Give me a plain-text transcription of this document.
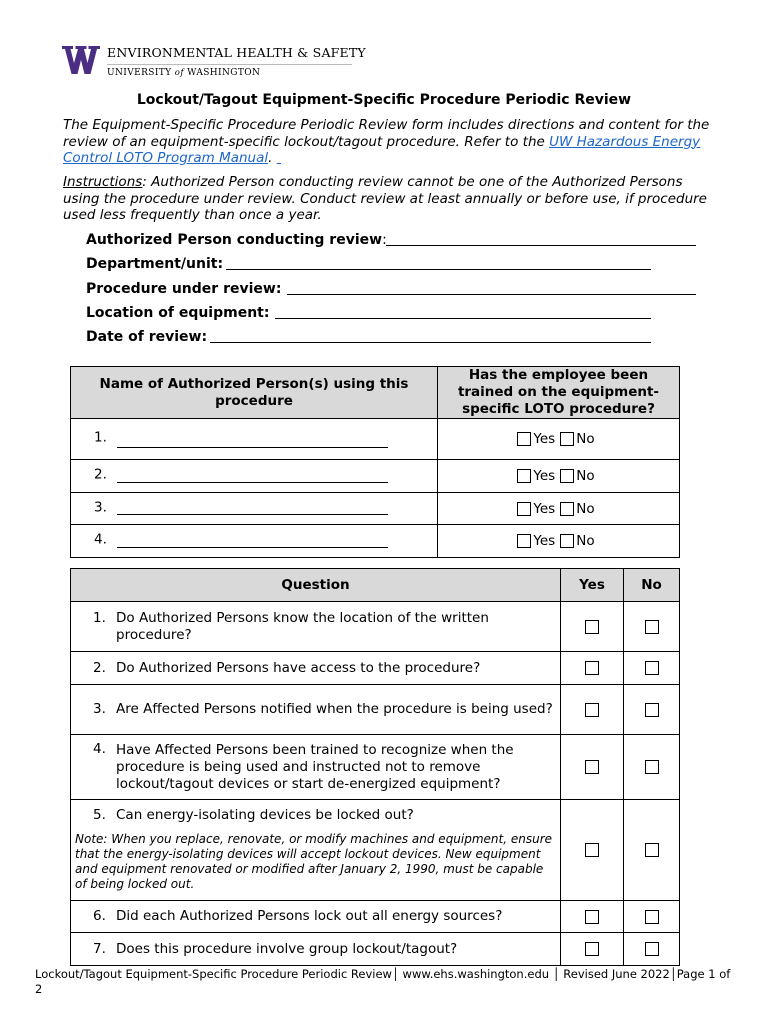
ENVIRONMENTAL HEALTH & SAFETY
UNIVERSITY of WASHINGTON
Lockout/Tagout Equipment-Specific Procedure Periodic Review
The Equipment-Specific Procedure Periodic Review form includes directions and content for the review of an equipment-specific lockout/tagout procedure. Refer to the UW Hazardous Energy Control LOTO Program Manual.
Instructions: Authorized Person conducting review cannot be one of the Authorized Persons using the procedure under review. Conduct review at least annually or before use, if procedure used less frequently than once a year.
Authorized Person conducting review:
Department/unit:
Procedure under review:
Location of equipment:
Date of review:
Name of Authorized Person(s) using this procedure	Has the employee been trained on the equipment-specific LOTO procedure?

1.	Yes No

2.	Yes No

3.	Yes No

4.	Yes No
Question	Yes	No

1. Do Authorized Persons know the location of the written procedure?		

2. Do Authorized Persons have access to the procedure?		

3. Are Affected Persons notified when the procedure is being used?		

4. Have Affected Persons been trained to recognize when the procedure is being used and instructed not to remove lockout/tagout devices or start de-energized equipment?		

5. Can energy-isolating devices be locked out?
Note: When you replace, renovate, or modify machines and equipment, ensure that the energy-isolating devices will accept lockout devices. New equipment and equipment renovated or modified after January 2, 1990, must be capable of being locked out.		

6. Did each Authorized Persons lock out all energy sources?		

7. Does this procedure involve group lockout/tagout?		

Lockout/Tagout Equipment-Specific Procedure Periodic Review│ www.ehs.washington.edu │ Revised June 2022│Page 1 of 2
